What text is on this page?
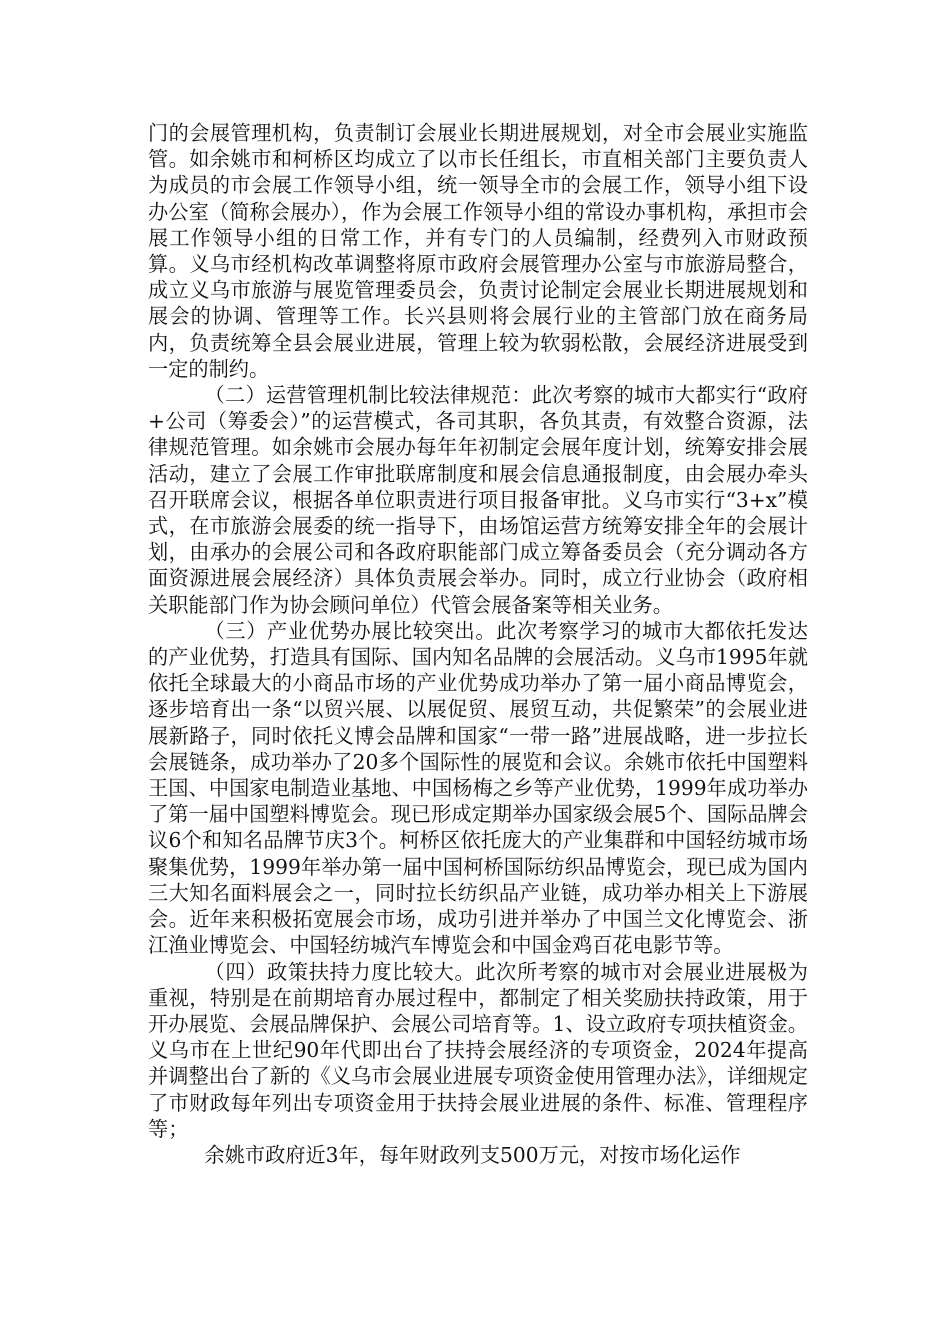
门的会展管理机构，负责制订会展业长期进展规划，对全市会展业实施监管。如余姚市和柯桥区均成立了以市长任组长，市直相关部门主要负责人为成员的市会展工作领导小组，统一领导全市的会展工作，领导小组下设办公室（简称会展办），作为会展工作领导小组的常设办事机构，承担市会展工作领导小组的日常工作，并有专门的人员编制，经费列入市财政预算。义乌市经机构改革调整将原市政府会展管理办公室与市旅游局整合，成立义乌市旅游与展览管理委员会，负责讨论制定会展业长期进展规划和展会的协调、管理等工作。长兴县则将会展行业的主管部门放在商务局内，负责统筹全县会展业进展，管理上较为软弱松散，会展经济进展受到一定的制约。

（二）运营管理机制比较法律规范：此次考察的城市大都实行“政府+公司（筹委会）”的运营模式，各司其职，各负其责，有效整合资源，法律规范管理。如余姚市会展办每年年初制定会展年度计划，统筹安排会展活动，建立了会展工作审批联席制度和展会信息通报制度，由会展办牵头召开联席会议，根据各单位职责进行项目报备审批。义乌市实行“3+x”模式，在市旅游会展委的统一指导下，由场馆运营方统筹安排全年的会展计划，由承办的会展公司和各政府职能部门成立筹备委员会（充分调动各方面资源进展会展经济）具体负责展会举办。同时，成立行业协会（政府相关职能部门作为协会顾问单位）代管会展备案等相关业务。

（三）产业优势办展比较突出。此次考察学习的城市大都依托发达的产业优势，打造具有国际、国内知名品牌的会展活动。义乌市1995年就依托全球最大的小商品市场的产业优势成功举办了第一届小商品博览会，逐步培育出一条“以贸兴展、以展促贸、展贸互动，共促繁荣”的会展业进展新路子，同时依托义博会品牌和国家“一带一路”进展战略，进一步拉长会展链条，成功举办了20多个国际性的展览和会议。余姚市依托中国塑料王国、中国家电制造业基地、中国杨梅之乡等产业优势，1999年成功举办了第一届中国塑料博览会。现已形成定期举办国家级会展5个、国际品牌会议6个和知名品牌节庆3个。柯桥区依托庞大的产业集群和中国轻纺城市场聚集优势，1999年举办第一届中国柯桥国际纺织品博览会，现已成为国内三大知名面料展会之一，同时拉长纺织品产业链，成功举办相关上下游展会。近年来积极拓宽展会市场，成功引进并举办了中国兰文化博览会、浙江渔业博览会、中国轻纺城汽车博览会和中国金鸡百花电影节等。

（四）政策扶持力度比较大。此次所考察的城市对会展业进展极为重视，特别是在前期培育办展过程中，都制定了相关奖励扶持政策，用于开办展览、会展品牌保护、会展公司培育等。1、设立政府专项扶植资金。义乌市在上世纪90年代即出台了扶持会展经济的专项资金，2024年提高并调整出台了新的《义乌市会展业进展专项资金使用管理办法》，详细规定了市财政每年列出专项资金用于扶持会展业进展的条件、标准、管理程序等；

余姚市政府近3年，每年财政列支500万元，对按市场化运作
